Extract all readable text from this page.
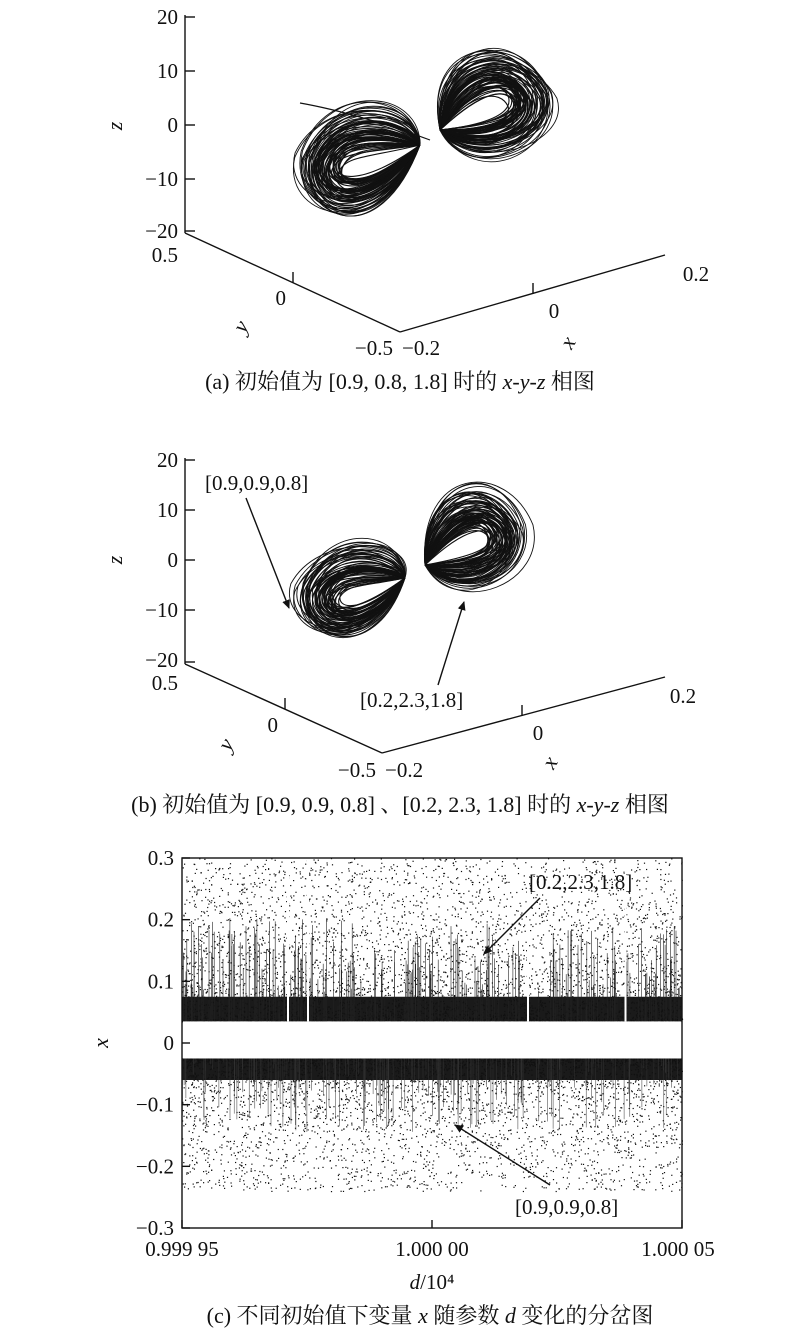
20
10
0
−10
−20
z
0.5
0
−0.5
y
−0.2
0
0.2
x
(a) 初始值为 [0.9, 0.8, 1.8] 时的 x-y-z 相图
20
10
0
−10
−20
z
0.5
0
−0.5
y
−0.2
0
0.2
x
[0.9,0.9,0.8]
[0.2,2.3,1.8]
(b) 初始值为 [0.9, 0.9, 0.8] 、[0.2, 2.3, 1.8] 时的 x-y-z 相图
0.3
0.2
0.1
0
−0.1
−0.2
−0.3
0.999 95	1.000 00	1.000 05
x
d/10⁴
[0.2,2.3,1.8]
[0.9,0.9,0.8]
(c) 不同初始值下变量 x 随参数 d 变化的分岔图
